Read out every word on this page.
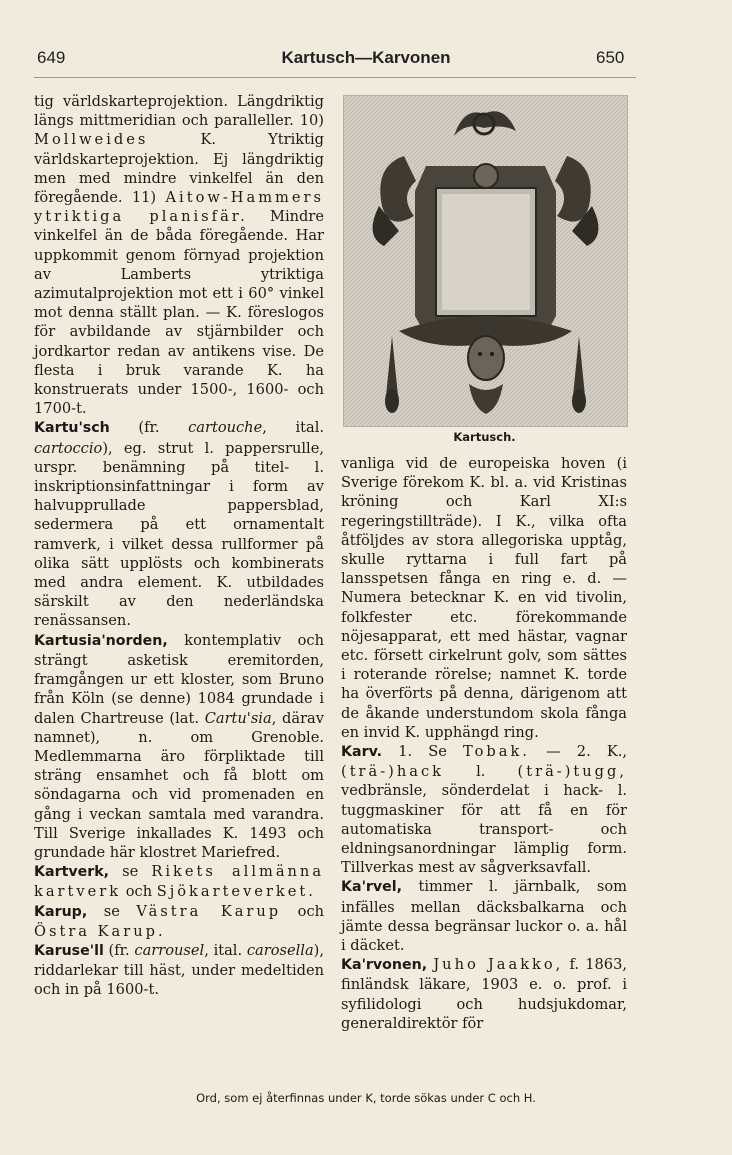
649	Kartusch—Karvonen	650

tig världskarteprojektion. Längdriktig längs mittmeridian och paralleller. 10) Mollweides	K. Ytriktig världskarteprojektion. Ej längdriktig men med mindre vinkelfel än den föregående. 11) Aitow-Hammers ytriktiga planisfär. Mindre vinkelfel än de båda föregående. Har uppkommit genom förnyad projektion av Lamberts ytriktiga azimutalprojektion mot ett i 60° vinkel mot denna ställt plan. — K. föreslogos för avbildande av stjärnbilder och jordkartor redan av antikens vise. De flesta i bruk varande K. ha konstruerats under 1500-, 1600- och 1700-t.

Kartu'sch (fr. cartouche, ital. cartoccio), eg. strut l. pappersrulle, urspr. benämning på titel- l. inskriptionsinfattningar i form av halvupprullade pappersblad, sedermera på ett ornamentalt ramverk, i vilket dessa rullformer på olika sätt upplösts och kombinerats med andra element. K. utbildades särskilt av den nederländska renässansen.

Kartusia'norden, kontemplativ och strängt asketisk eremitorden, framgången ur ett kloster, som Bruno från Köln (se denne) 1084 grundade i dalen Chartreuse (lat. Cartu'sia, därav namnet), n. om Grenoble. Medlemmarna äro förpliktade till sträng ensamhet och få blott om söndagarna och vid promenaden en gång i veckan samtala med varandra. Till Sverige inkallades K. 1493 och grundade här klostret Mariefred.

Kartverk, se Rikets allmänna kartverk och Sjökarteverket.

Karup, se Västra Karup och Östra Karup.

Karuse'll (fr. carrousel, ital. carosella), riddarlekar till häst, under medeltiden och in på 1600-t.

Kartusch.

vanliga vid de europeiska hoven (i Sverige förekom K. bl. a. vid Kristinas kröning och Karl XI:s regeringstillträde). I K., vilka ofta åtföljdes av stora allegoriska upptåg, skulle ryttarna i full fart på lansspetsen fånga en ring e. d. — Numera betecknar K. en vid tivolin, folkfester etc. förekommande nöjesapparat, ett med hästar, vagnar etc. försett cirkelrunt golv, som sättes i roterande rörelse; namnet K. torde ha överförts på denna, därigenom att de åkande understundom skola fånga en invid K. upphängd ring.

Karv. 1. Se Tobak. — 2. K., (trä-)hack l. (trä-)tugg, vedbränsle, sönderdelat i hack- l. tuggmaskiner för att få en för automatiska transport- och eldningsanordningar lämplig form. Tillverkas mest av sågverksavfall.

Ka'rvel, timmer l. järnbalk, som infälles mellan däcksbalkarna och jämte dessa begränsar luckor o. a. hål i däcket.

Ka'rvonen, Juho Jaakko, f. 1863, finländsk läkare, 1903 e. o. prof. i syfilidologi och hudsjukdomar, generaldirektör för

Ord, som ej återfinnas under K, torde sökas under C och H.
